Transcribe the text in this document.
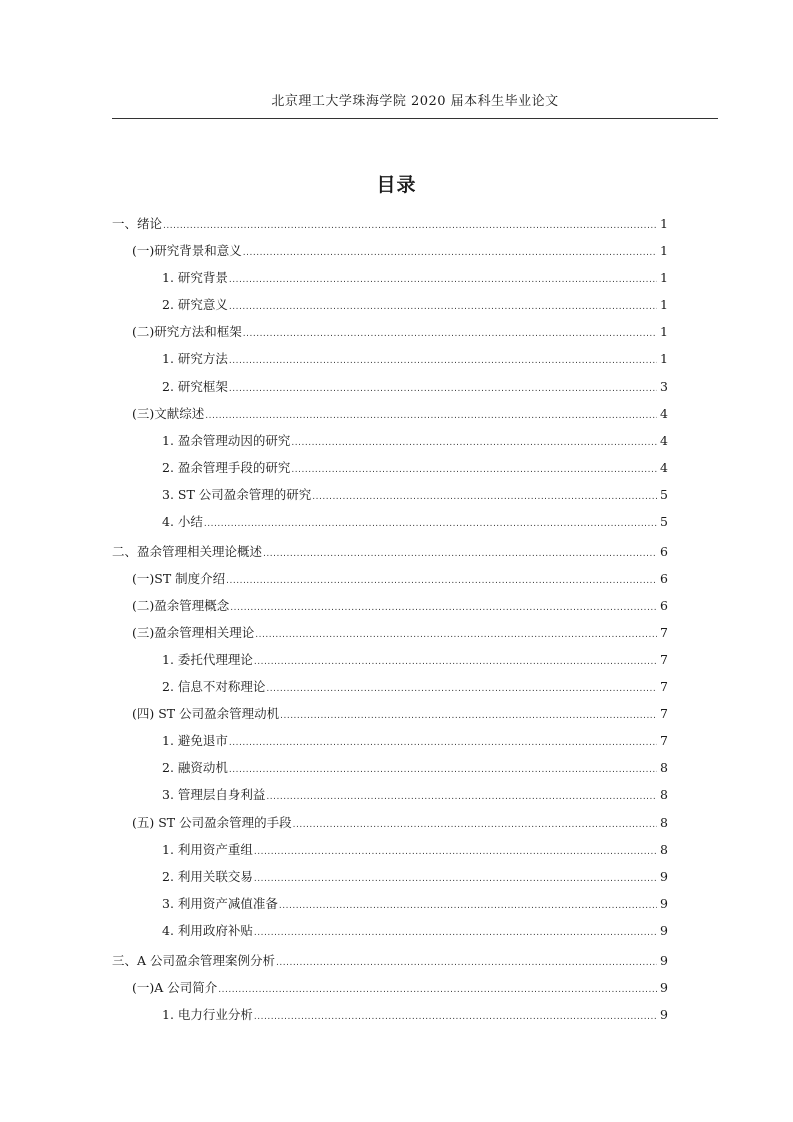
北京理工大学珠海学院 2020 届本科生毕业论文
目录
一、绪论 .....	1
(一)研究背景和意义 .....	1
1. 研究背景 .....	1
2. 研究意义 .....	1
(二)研究方法和框架 .....	1
1. 研究方法 .....	1
2. 研究框架 .....	3
(三)文献综述 .....	4
1. 盈余管理动因的研究 .....	4
2. 盈余管理手段的研究 .....	4
3. ST 公司盈余管理的研究 .....	5
4. 小结 .....	5
二、盈余管理相关理论概述 .....	6
(一)ST 制度介绍 .....	6
(二)盈余管理概念 .....	6
(三)盈余管理相关理论 .....	7
1. 委托代理理论 .....	7
2. 信息不对称理论 .....	7
(四) ST 公司盈余管理动机 .....	7
1. 避免退市 .....	7
2. 融资动机 .....	8
3. 管理层自身利益 .....	8
(五) ST 公司盈余管理的手段 .....	8
1. 利用资产重组 .....	8
2. 利用关联交易 .....	9
3. 利用资产减值准备 .....	9
4. 利用政府补贴 .....	9
三、A 公司盈余管理案例分析 .....	9
(一)A 公司简介 .....	9
1. 电力行业分析 .....	9
